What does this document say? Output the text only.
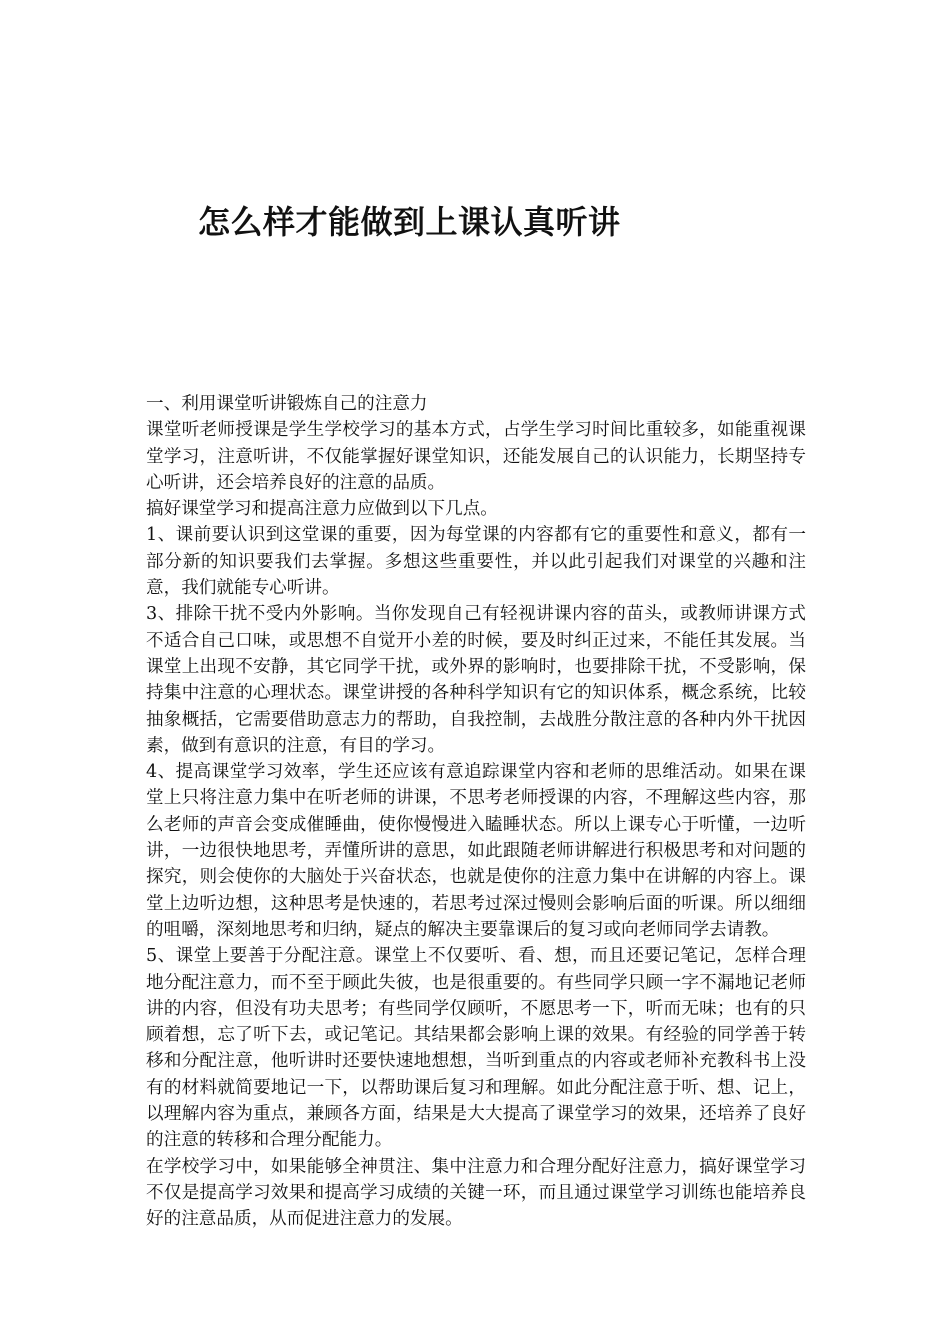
怎么样才能做到上课认真听讲

一、利用课堂听讲锻炼自己的注意力

课堂听老师授课是学生学校学习的基本方式，占学生学习时间比重较多，如能重视课堂学习，注意听讲，不仅能掌握好课堂知识，还能发展自己的认识能力，长期坚持专心听讲，还会培养良好的注意的品质。

搞好课堂学习和提高注意力应做到以下几点。

1、课前要认识到这堂课的重要，因为每堂课的内容都有它的重要性和意义，都有一部分新的知识要我们去掌握。多想这些重要性，并以此引起我们对课堂的兴趣和注意，我们就能专心听讲。

3、排除干扰不受内外影响。当你发现自己有轻视讲课内容的苗头，或教师讲课方式不适合自己口味，或思想不自觉开小差的时候，要及时纠正过来，不能任其发展。当课堂上出现不安静，其它同学干扰，或外界的影响时，也要排除干扰，不受影响，保持集中注意的心理状态。课堂讲授的各种科学知识有它的知识体系，概念系统，比较抽象概括，它需要借助意志力的帮助，自我控制，去战胜分散注意的各种内外干扰因素，做到有意识的注意，有目的学习。

4、提高课堂学习效率，学生还应该有意追踪课堂内容和老师的思维活动。如果在课堂上只将注意力集中在听老师的讲课，不思考老师授课的内容，不理解这些内容，那么老师的声音会变成催睡曲，使你慢慢进入瞌睡状态。所以上课专心于听懂，一边听讲，一边很快地思考，弄懂所讲的意思，如此跟随老师讲解进行积极思考和对问题的探究，则会使你的大脑处于兴奋状态，也就是使你的注意力集中在讲解的内容上。课堂上边听边想，这种思考是快速的，若思考过深过慢则会影响后面的听课。所以细细的咀嚼，深刻地思考和归纳，疑点的解决主要靠课后的复习或向老师同学去请教。

5、课堂上要善于分配注意。课堂上不仅要听、看、想，而且还要记笔记，怎样合理地分配注意力，而不至于顾此失彼，也是很重要的。有些同学只顾一字不漏地记老师讲的内容，但没有功夫思考；有些同学仅顾听，不愿思考一下，听而无味；也有的只顾着想，忘了听下去，或记笔记。其结果都会影响上课的效果。有经验的同学善于转移和分配注意，他听讲时还要快速地想想，当听到重点的内容或老师补充教科书上没有的材料就简要地记一下，以帮助课后复习和理解。如此分配注意于听、想、记上，以理解内容为重点，兼顾各方面，结果是大大提高了课堂学习的效果，还培养了良好的注意的转移和合理分配能力。

在学校学习中，如果能够全神贯注、集中注意力和合理分配好注意力，搞好课堂学习不仅是提高学习效果和提高学习成绩的关键一环，而且通过课堂学习训练也能培养良好的注意品质，从而促进注意力的发展。
